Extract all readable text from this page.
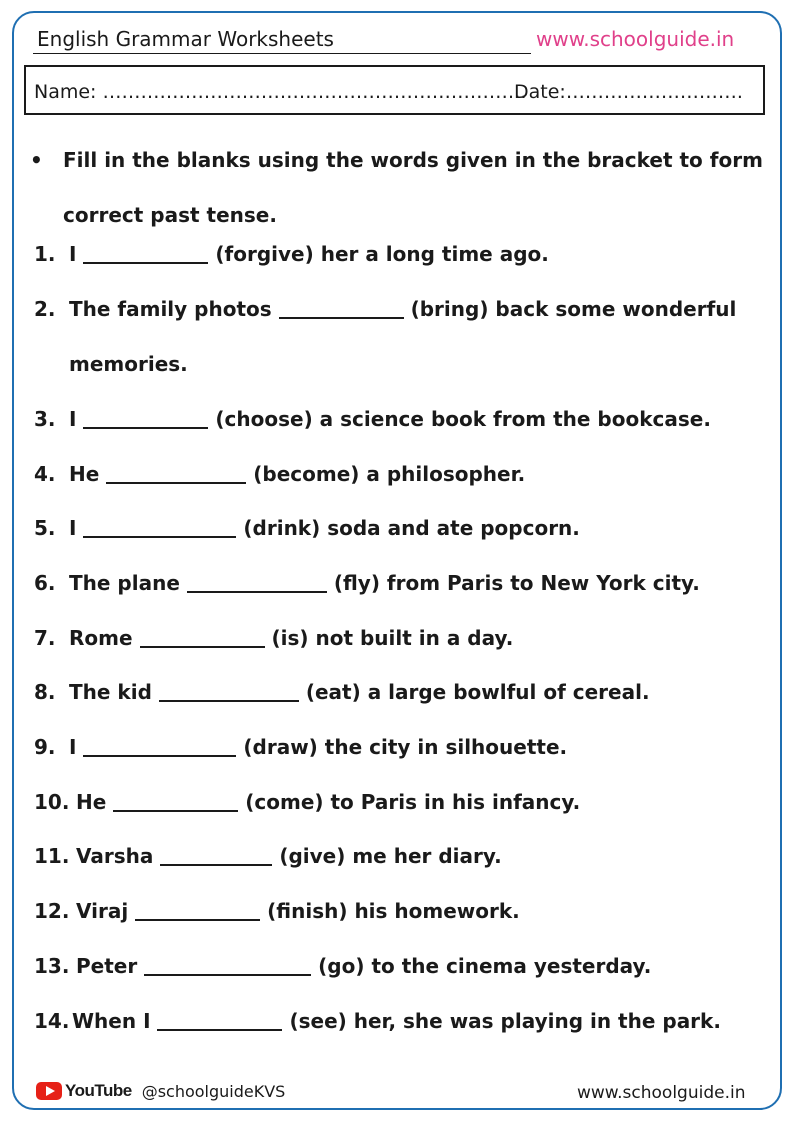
English Grammar Worksheets	www.schoolguide.in
Name: ………………………………………………………….
Date:……………………….
• Fill in the blanks using the words given in the bracket to form correct past tense.
1. I	(forgive) her a long time ago.
2. The family photos	(bring) back some wonderful
memories.
3. I	(choose) a science book from the bookcase.
4. He	(become) a philosopher.
5. I	(drink) soda and ate popcorn.
6. The plane	(fly) from Paris to New York city.
7. Rome	(is) not built in a day.
8. The kid	(eat) a large bowlful of cereal.
9. I	(draw) the city in silhouette.
10. He	(come) to Paris in his infancy.
11. Varsha	(give) me her diary.
12. Viraj	(finish) his homework.
13. Peter	(go) to the cinema yesterday.
14. When I	(see) her, she was playing in the park.
YouTube @schoolguideKVS	www.schoolguide.in
